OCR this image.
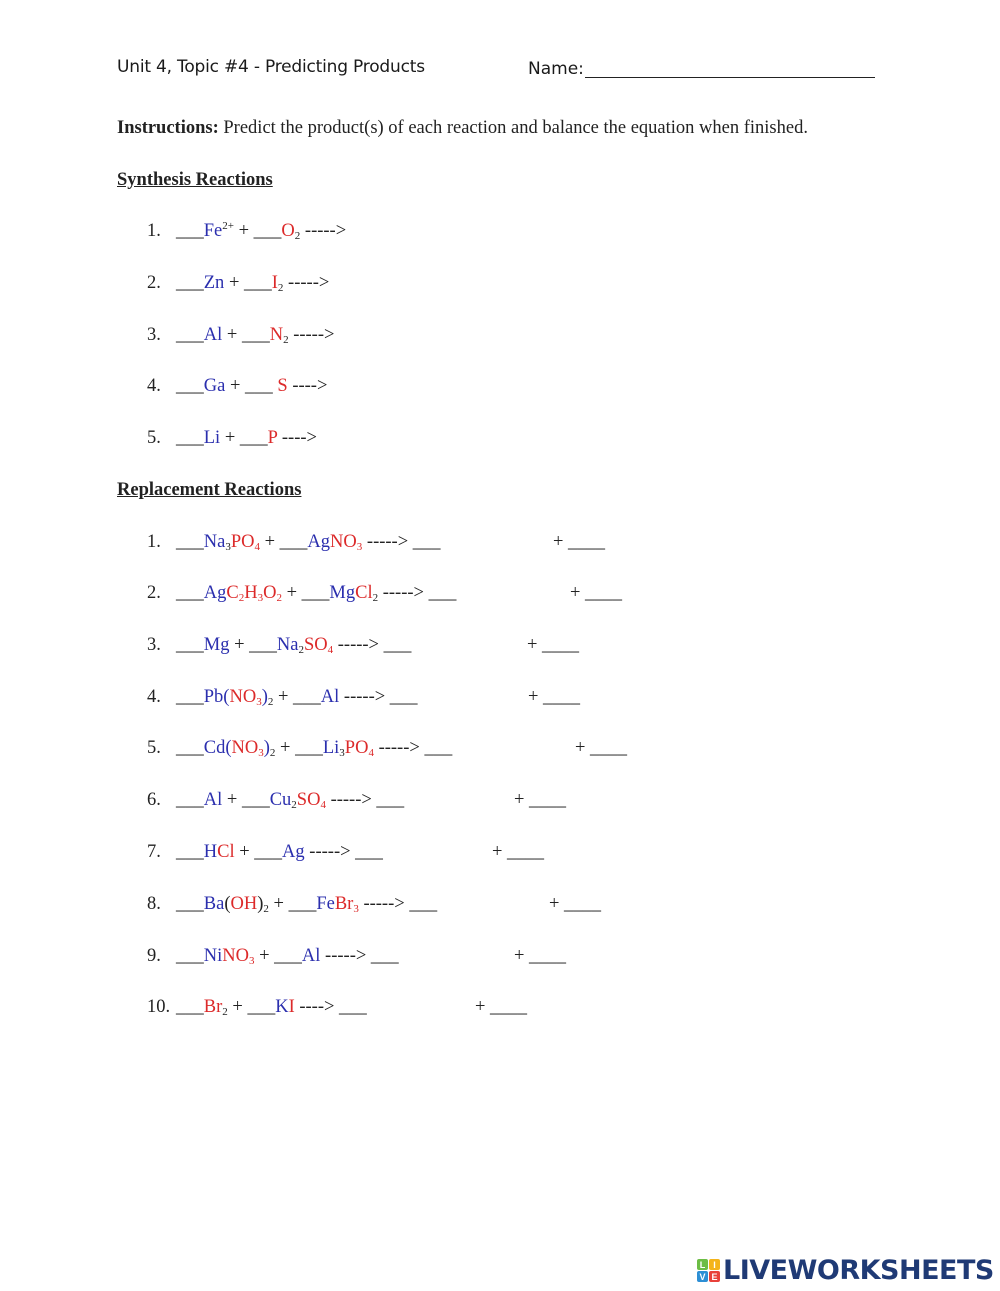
Unit 4, Topic #4 - Predicting Products	Name:
Instructions: Predict the product(s) of each reaction and balance the equation when finished.
Synthesis Reactions
1. $\_\_\_Fe^{2+}$ + $\_\_\_O_2$ ----->
2. ___Zn + $\_\_\_I_2$ ----->
3. ___Al + $\_\_\_N_2$ ----->
4. ___Ga + ___ S ---->
5. ___Li + ___P ---->
Replacement Reactions
1. $\_\_\_Na_3PO_4$ + ___AgNO$_3$ -----> ___	+ ____
2. $\_\_\_AgC_2H_3O_2$ + ___MgCl$_2$ -----> ___	+ ____
3. ___Mg + $\_\_\_Na_2SO_4$ -----> ___	+ ____
4. $\_\_\_Pb(NO_3)_2$ + ___Al -----> ___	+ ____
5. $\_\_\_Cd(NO_3)_2$ + $\_\_\_Li_3PO_4$ -----> ___	+ ____
6. ___Al + $\_\_\_Cu_2SO_4$ -----> ___	+ ____
7. ___HCl + ___Ag -----> ___	+ ____
8. $\_\_\_Ba(OH)_2$ + ___FeBr$_3$ -----> ___	+ ____
9. ___NiNO$_3$ + ___Al -----> ___	+ ____
10. $\_\_\_Br_2$ + ___KI ----> ___	+ ____
L I
V E LIVEWORKSHEETS
